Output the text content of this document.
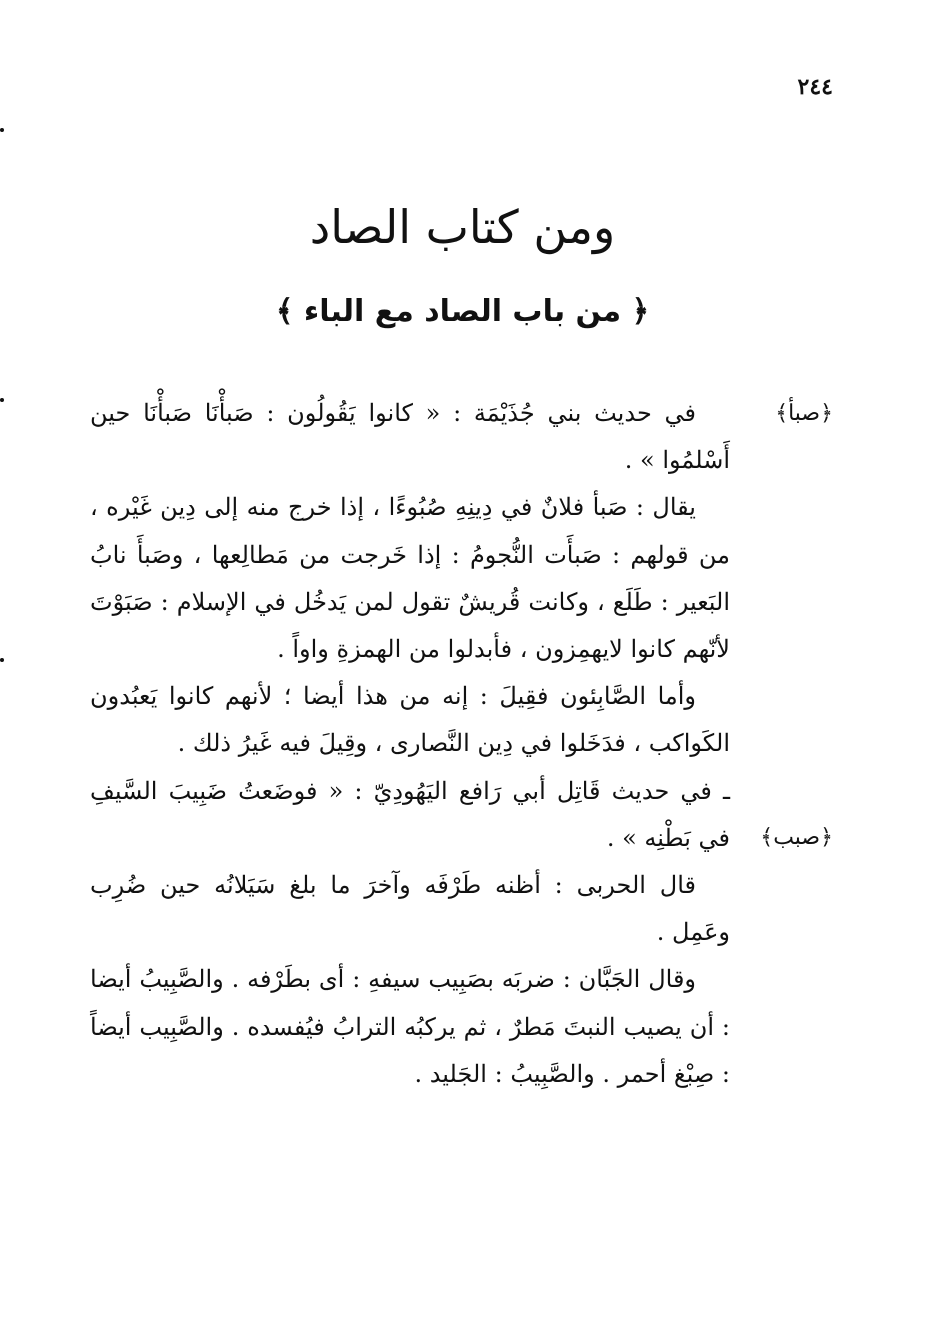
٢٤٤
ومن كتاب الصاد
﴿ من باب الصاد مع الباء ﴾
﴿صبأ﴾
﴿صبب﴾

في حديث بني جُذَيْمَة : « كانوا يَقُولُون : صَبأْنَا صَبأْنَا حين أَسْلمُوا » .

يقال : صَبأ فلانٌ في دِينِهِ صُبُوءًا ، إذا خرج منه إلى دِين غَيْره ، من قولهم : صَبأَت النُّجومُ : إذا خَرجت من مَطالِعها ، وصَبأَ نابُ البَعير : طَلَع ، وكانت قُريشٌ تقول لمن يَدخُل في الإسلام : صَبَوْتَ لأنّهم كانوا لايهمِزون ، فأبدلوا من الهمزةِ واواً .

وأما الصَّابِئون فقِيلَ : إنه من هذا أيضا ؛ لأنهم كانوا يَعبُدون الكَواكب ، فدَخَلوا في دِين النَّصارى ، وقِيلَ فيه غَيرُ ذلك .

ـ في حديث قَاتِل أبي رَافع اليَهُودِيّ : « فوضَعتُ ضَبِيبَ السَّيفِ في بَطْنِه » .

قال الحربى : أظنه طَرْفَه وآخرَ ما بلغ سَيَلانُه حين ضُرِب وعَمِل .

وقال الجَبَّان : ضربَه بصَبِيب سيفهِ : أى بطَرْفه . والصَّبِيبُ أيضا : أن يصيب النبتَ مَطرٌ ، ثم يركبُه الترابُ فيُفسده . والصَّبِيب أيضاً : صِبْغ أحمر . والصَّبِيبُ : الجَليد .
